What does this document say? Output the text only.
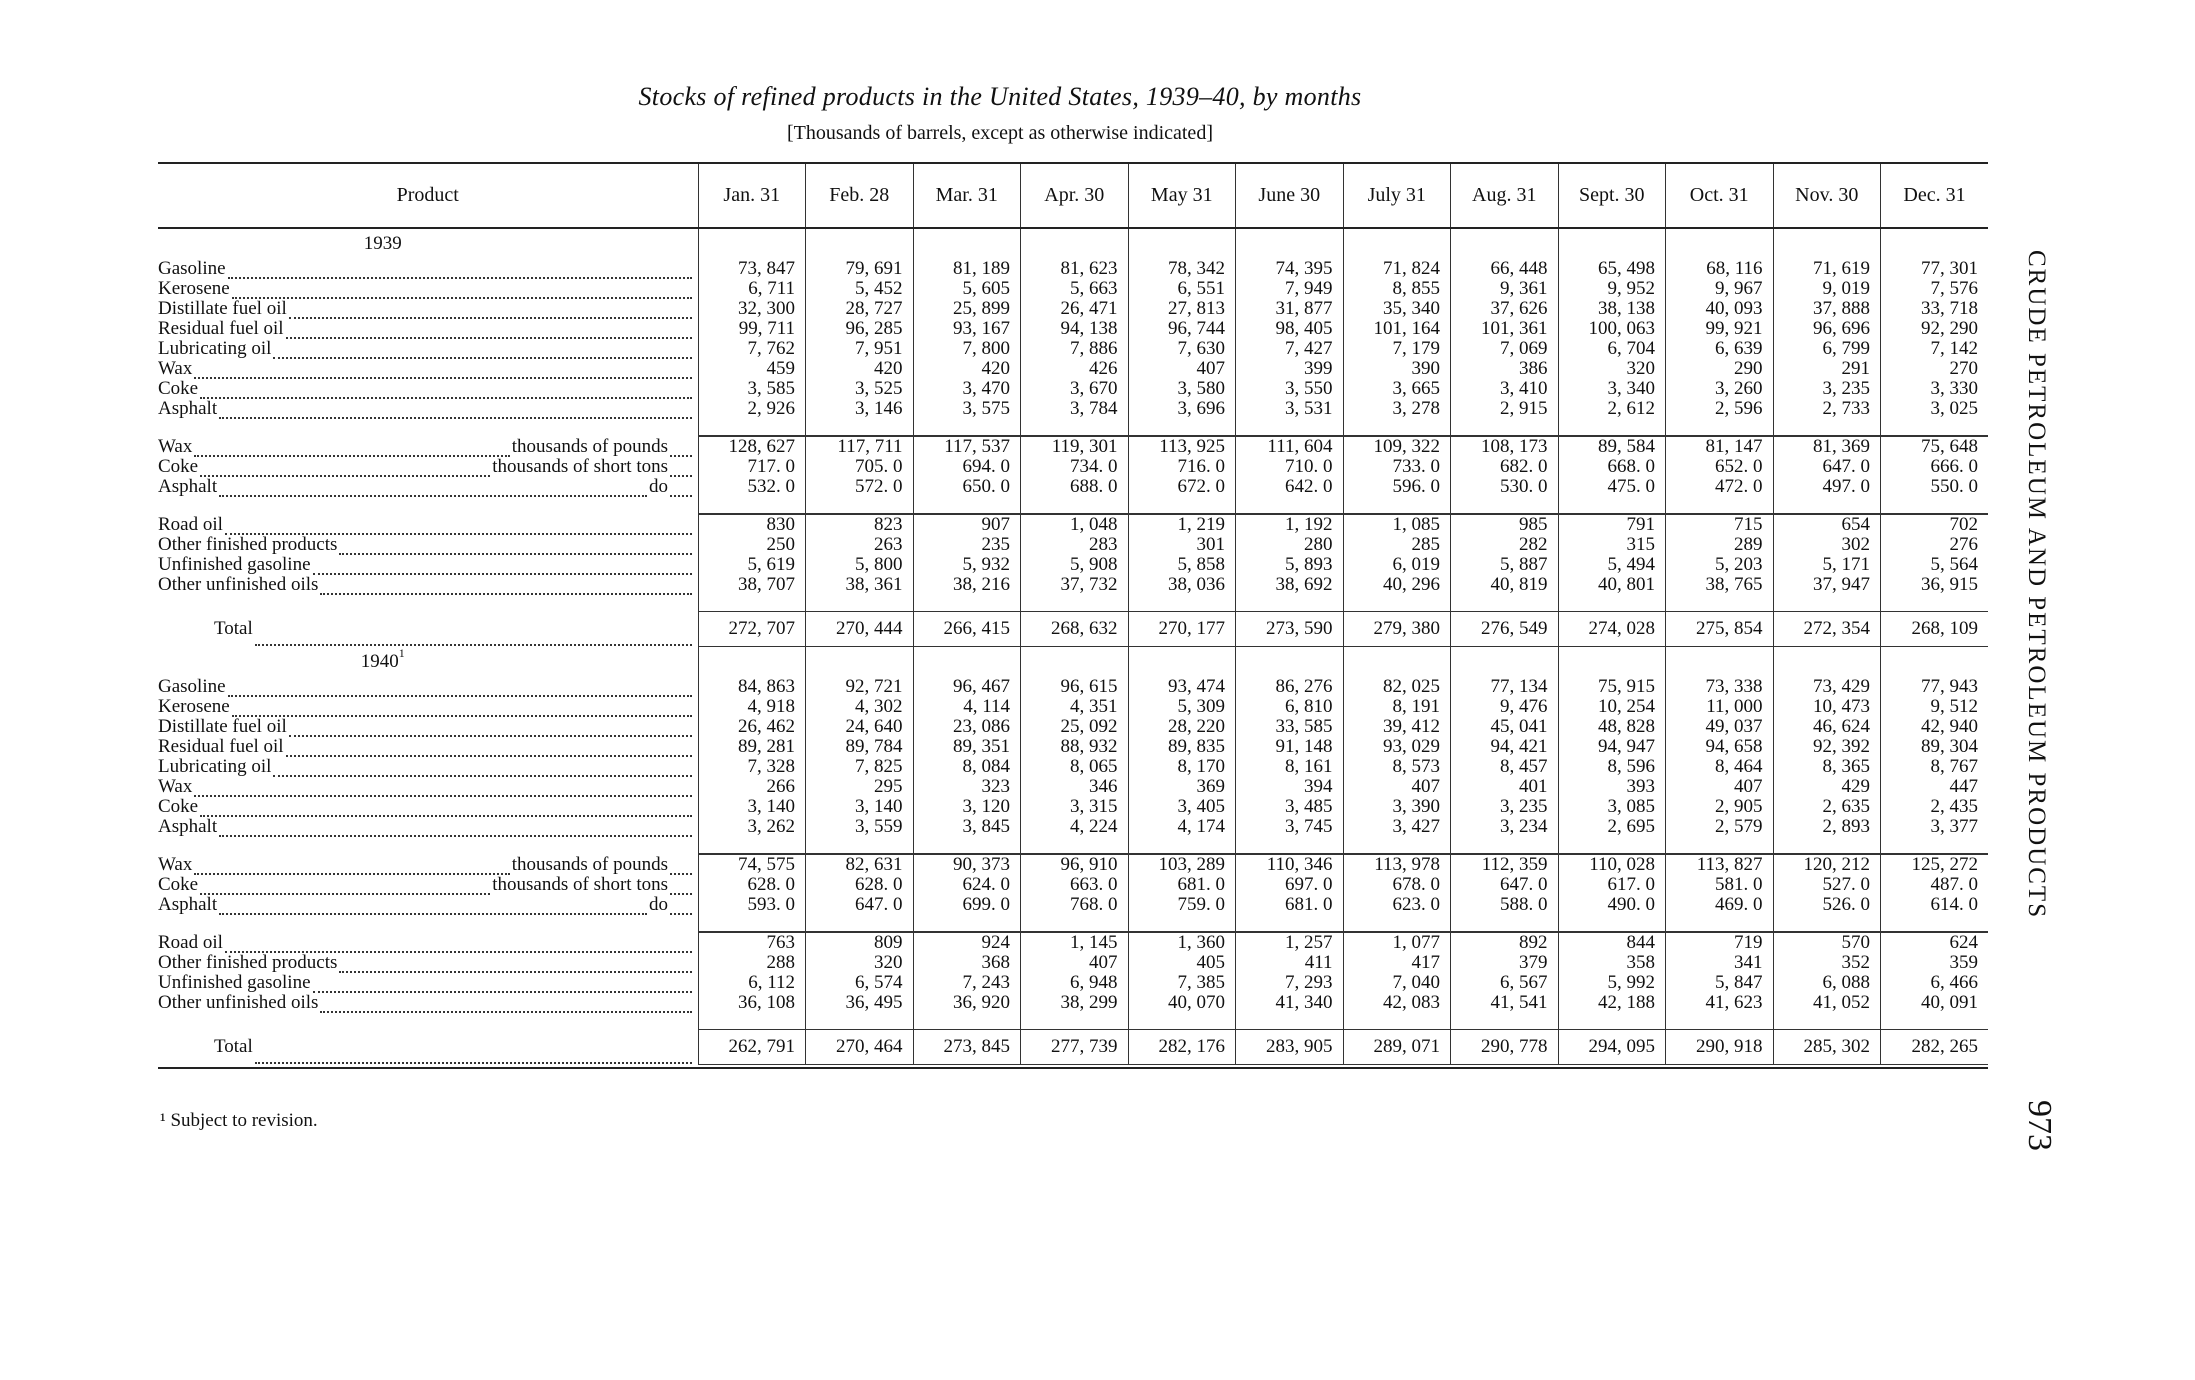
Stocks of refined products in the United States, 1939–40, by months
[Thousands of barrels, except as otherwise indicated]
Product	Jan. 31	Feb. 28	Mar. 31	Apr. 30	May 31	June 30	July 31	Aug. 31	Sept. 30	Oct. 31	Nov. 30	Dec. 31
1939												

Gasoline	73, 847	79, 691	81, 189	81, 623	78, 342	74, 395	71, 824	66, 448	65, 498	68, 116	71, 619	77, 301

Kerosene	6, 711	5, 452	5, 605	5, 663	6, 551	7, 949	8, 855	9, 361	9, 952	9, 967	9, 019	7, 576

Distillate fuel oil	32, 300	28, 727	25, 899	26, 471	27, 813	31, 877	35, 340	37, 626	38, 138	40, 093	37, 888	33, 718

Residual fuel oil	99, 711	96, 285	93, 167	94, 138	96, 744	98, 405	101, 164	101, 361	100, 063	99, 921	96, 696	92, 290

Lubricating oil	7, 762	7, 951	7, 800	7, 886	7, 630	7, 427	7, 179	7, 069	6, 704	6, 639	6, 799	7, 142

Wax	459	420	420	426	407	399	390	386	320	290	291	270

Coke	3, 585	3, 525	3, 470	3, 670	3, 580	3, 550	3, 665	3, 410	3, 340	3, 260	3, 235	3, 330

Asphalt	2, 926	3, 146	3, 575	3, 784	3, 696	3, 531	3, 278	2, 915	2, 612	2, 596	2, 733	3, 025

Wax thousands of pounds	128, 627	117, 711	117, 537	119, 301	113, 925	111, 604	109, 322	108, 173	89, 584	81, 147	81, 369	75, 648

Coke thousands of short tons	717. 0	705. 0	694. 0	734. 0	716. 0	710. 0	733. 0	682. 0	668. 0	652. 0	647. 0	666. 0

Asphalt do	532. 0	572. 0	650. 0	688. 0	672. 0	642. 0	596. 0	530. 0	475. 0	472. 0	497. 0	550. 0

Road oil	830	823	907	1, 048	1, 219	1, 192	1, 085	985	791	715	654	702

Other finished products	250	263	235	283	301	280	285	282	315	289	302	276

Unfinished gasoline	5, 619	5, 800	5, 932	5, 908	5, 858	5, 893	6, 019	5, 887	5, 494	5, 203	5, 171	5, 564

Other unfinished oils	38, 707	38, 361	38, 216	37, 732	38, 036	38, 692	40, 296	40, 819	40, 801	38, 765	37, 947	36, 915

Total	272, 707	270, 444	266, 415	268, 632	270, 177	273, 590	279, 380	276, 549	274, 028	275, 854	272, 354	268, 109
1940$^1$												

Gasoline	84, 863	92, 721	96, 467	96, 615	93, 474	86, 276	82, 025	77, 134	75, 915	73, 338	73, 429	77, 943

Kerosene	4, 918	4, 302	4, 114	4, 351	5, 309	6, 810	8, 191	9, 476	10, 254	11, 000	10, 473	9, 512

Distillate fuel oil	26, 462	24, 640	23, 086	25, 092	28, 220	33, 585	39, 412	45, 041	48, 828	49, 037	46, 624	42, 940

Residual fuel oil	89, 281	89, 784	89, 351	88, 932	89, 835	91, 148	93, 029	94, 421	94, 947	94, 658	92, 392	89, 304

Lubricating oil	7, 328	7, 825	8, 084	8, 065	8, 170	8, 161	8, 573	8, 457	8, 596	8, 464	8, 365	8, 767

Wax	266	295	323	346	369	394	407	401	393	407	429	447

Coke	3, 140	3, 140	3, 120	3, 315	3, 405	3, 485	3, 390	3, 235	3, 085	2, 905	2, 635	2, 435

Asphalt	3, 262	3, 559	3, 845	4, 224	4, 174	3, 745	3, 427	3, 234	2, 695	2, 579	2, 893	3, 377

Wax thousands of pounds	74, 575	82, 631	90, 373	96, 910	103, 289	110, 346	113, 978	112, 359	110, 028	113, 827	120, 212	125, 272

Coke thousands of short tons	628. 0	628. 0	624. 0	663. 0	681. 0	697. 0	678. 0	647. 0	617. 0	581. 0	527. 0	487. 0

Asphalt do	593. 0	647. 0	699. 0	768. 0	759. 0	681. 0	623. 0	588. 0	490. 0	469. 0	526. 0	614. 0

Road oil	763	809	924	1, 145	1, 360	1, 257	1, 077	892	844	719	570	624

Other finished products	288	320	368	407	405	411	417	379	358	341	352	359

Unfinished gasoline	6, 112	6, 574	7, 243	6, 948	7, 385	7, 293	7, 040	6, 567	5, 992	5, 847	6, 088	6, 466

Other unfinished oils	36, 108	36, 495	36, 920	38, 299	40, 070	41, 340	42, 083	41, 541	42, 188	41, 623	41, 052	40, 091

Total	262, 791	270, 464	273, 845	277, 739	282, 176	283, 905	289, 071	290, 778	294, 095	290, 918	285, 302	282, 265

¹ Subject to revision.
CRUDE PETROLEUM AND PETROLEUM PRODUCTS
973
